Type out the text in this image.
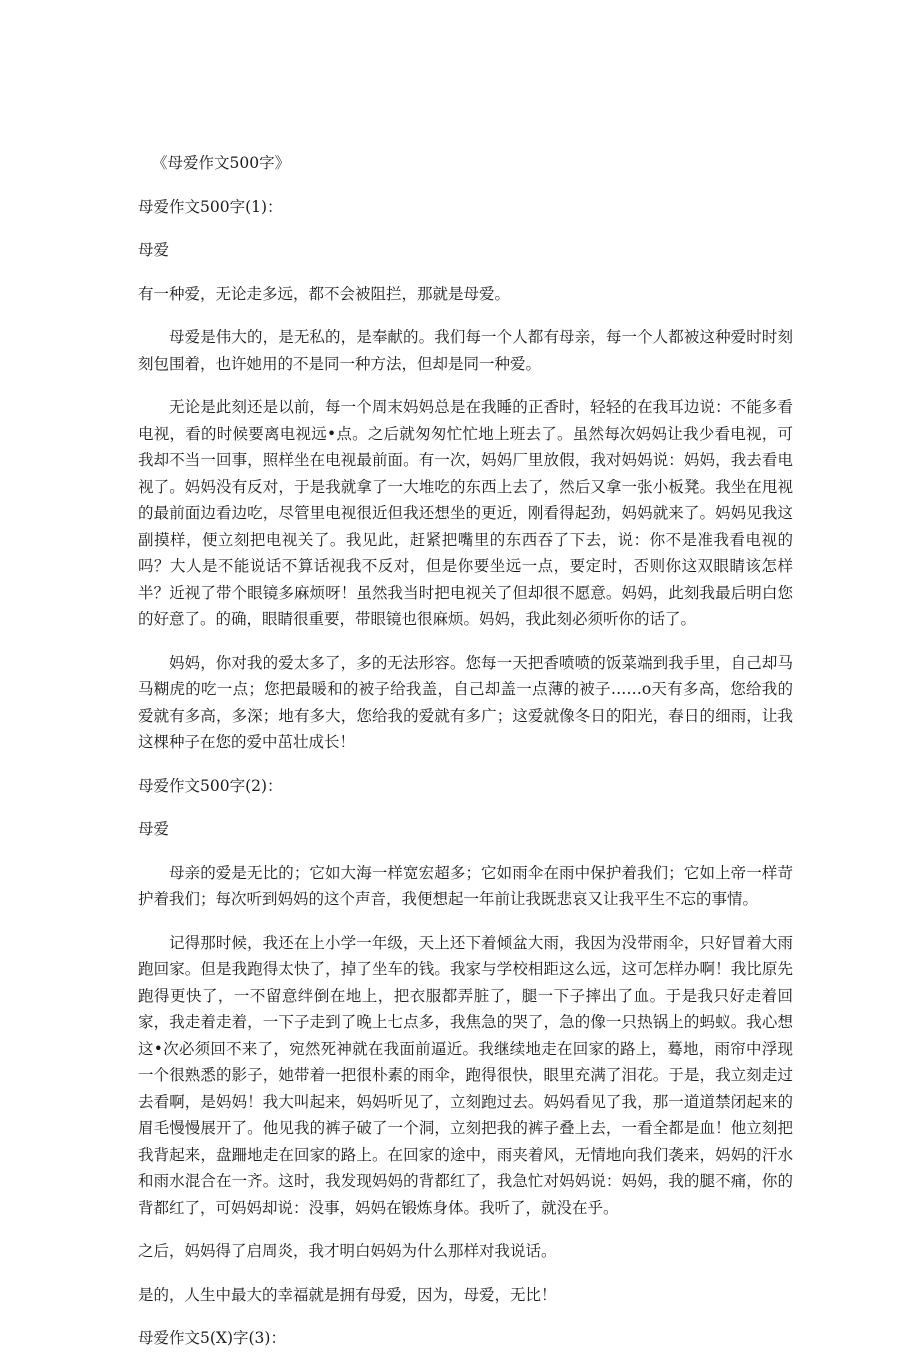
《母爱作文500字》

母爱作文500字(1)：

母爱

有一种爱，无论走多远，都不会被阻拦，那就是母爱。

母爱是伟大的，是无私的，是奉献的。我们每一个人都有母亲，每一个人都被这种爱时时刻刻包围着，也许她用的不是同一种方法，但却是同一种爱。

无论是此刻还是以前，每一个周末妈妈总是在我睡的正香时，轻轻的在我耳边说：不能多看电视，看的时候要离电视远•点。之后就匆匆忙忙地上班去了。虽然每次妈妈让我少看电视，可我却不当一回事，照样坐在电视最前面。有一次，妈妈厂里放假，我对妈妈说：妈妈，我去看电视了。妈妈没有反对，于是我就拿了一大堆吃的东西上去了，然后又拿一张小板凳。我坐在甩视的最前面边看边吃，尽管里电视很近但我还想坐的更近，刚看得起劲，妈妈就来了。妈妈见我这副摸样，便立刻把电视关了。我见此，赶紧把嘴里的东西吞了下去，说：你不是准我看电视的吗？大人是不能说话不算话视我不反对，但是你要坐远一点，要定时，否则你这双眼睛该怎样半？近视了带个眼镜多麻烦呀！虽然我当时把电视关了但却很不愿意。妈妈，此刻我最后明白您的好意了。的确，眼睛很重要，带眼镜也很麻烦。妈妈，我此刻必须听你的话了。

妈妈，你对我的爱太多了，多的无法形容。您每一天把香喷喷的饭菜端到我手里，自己却马马糊虎的吃一点；您把最暖和的被子给我盖，自己却盖一点薄的被子……o天有多高，您给我的爱就有多高，多深；地有多大，您给我的爱就有多广；这爱就像冬日的阳光，春日的细雨，让我这棵种子在您的爱中茁壮成长！

母爱作文500字(2)：

母爱

母亲的爱是无比的；它如大海一样宽宏超多；它如雨伞在雨中保护着我们；它如上帝一样苛护着我们；每次听到妈妈的这个声音，我便想起一年前让我既悲哀又让我平生不忘的事情。

记得那时候，我还在上小学一年级，天上还下着倾盆大雨，我因为没带雨伞，只好冒着大雨跑回家。但是我跑得太快了，掉了坐车的钱。我家与学校相距这么远，这可怎样办啊！我比原先跑得更快了，一不留意绊倒在地上，把衣服都弄脏了，腿一下子摔出了血。于是我只好走着回家，我走着走着，一下子走到了晚上七点多，我焦急的哭了，急的像一只热锅上的蚂蚁。我心想这•次必须回不来了，宛然死神就在我面前逼近。我继续地走在回家的路上，蓦地，雨帘中浮现一个很熟悉的影子，她带着一把很朴素的雨伞，跑得很快，眼里充满了泪花。于是，我立刻走过去看啊，是妈妈！我大叫起来，妈妈听见了，立刻跑过去。妈妈看见了我，那一道道禁闭起来的眉毛慢慢展开了。他见我的裤子破了一个洞，立刻把我的裤子叠上去，一看全都是血！他立刻把我背起来，盘跚地走在回家的路上。在回家的途中，雨夹着风，无情地向我们袭来，妈妈的汗水和雨水混合在一齐。这时，我发现妈妈的背都红了，我急忙对妈妈说：妈妈，我的腿不痛，你的背都红了，可妈妈却说：没事，妈妈在锻炼身体。我听了，就没在乎。

之后，妈妈得了启周炎，我才明白妈妈为什么那样对我说话。

是的，人生中最大的幸福就是拥有母爱，因为，母爱，无比！

母爱作文5(X)字(3)：
